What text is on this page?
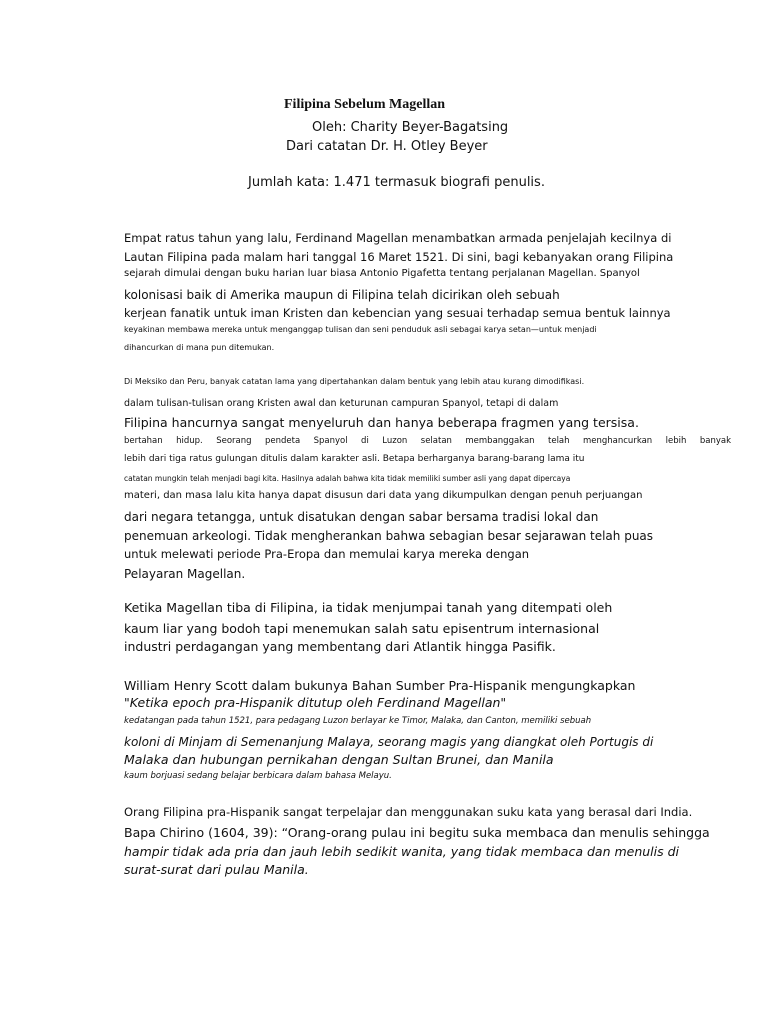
Filipina Sebelum Magellan
Oleh: Charity Beyer-Bagatsing
Dari catatan Dr. H. Otley Beyer
Jumlah kata: 1.471 termasuk biografi penulis.
Empat ratus tahun yang lalu, Ferdinand Magellan menambatkan armada penjelajah kecilnya di
Lautan Filipina pada malam hari tanggal 16 Maret 1521. Di sini, bagi kebanyakan orang Filipina
sejarah dimulai dengan buku harian luar biasa Antonio Pigafetta tentang perjalanan Magellan. Spanyol
kolonisasi baik di Amerika maupun di Filipina telah dicirikan oleh sebuah
kerjean fanatik untuk iman Kristen dan kebencian yang sesuai terhadap semua bentuk lainnya
keyakinan membawa mereka untuk menganggap tulisan dan seni penduduk asli sebagai karya setan—untuk menjadi
dihancurkan di mana pun ditemukan.
Di Meksiko dan Peru, banyak catatan lama yang dipertahankan dalam bentuk yang lebih atau kurang dimodifikasi.
dalam tulisan-tulisan orang Kristen awal dan keturunan campuran Spanyol, tetapi di dalam
Filipina hancurnya sangat menyeluruh dan hanya beberapa fragmen yang tersisa.
bertahan hidup. Seorang pendeta Spanyol di Luzon selatan membanggakan telah menghancurkan lebih banyak
lebih dari tiga ratus gulungan ditulis dalam karakter asli. Betapa berharganya barang-barang lama itu
catatan mungkin telah menjadi bagi kita. Hasilnya adalah bahwa kita tidak memiliki sumber asli yang dapat dipercaya
materi, dan masa lalu kita hanya dapat disusun dari data yang dikumpulkan dengan penuh perjuangan
dari negara tetangga, untuk disatukan dengan sabar bersama tradisi lokal dan
penemuan arkeologi. Tidak mengherankan bahwa sebagian besar sejarawan telah puas
untuk melewati periode Pra-Eropa dan memulai karya mereka dengan
Pelayaran Magellan.
Ketika Magellan tiba di Filipina, ia tidak menjumpai tanah yang ditempati oleh
kaum liar yang bodoh tapi menemukan salah satu episentrum internasional
industri perdagangan yang membentang dari Atlantik hingga Pasifik.
William Henry Scott dalam bukunya Bahan Sumber Pra-Hispanik mengungkapkan
"Ketika epoch pra-Hispanik ditutup oleh Ferdinand Magellan"
kedatangan pada tahun 1521, para pedagang Luzon berlayar ke Timor, Malaka, dan Canton, memiliki sebuah
koloni di Minjam di Semenanjung Malaya, seorang magis yang diangkat oleh Portugis di
Malaka dan hubungan pernikahan dengan Sultan Brunei, dan Manila
kaum borjuasi sedang belajar berbicara dalam bahasa Melayu.
Orang Filipina pra-Hispanik sangat terpelajar dan menggunakan suku kata yang berasal dari India.
Bapa Chirino (1604, 39): “Orang-orang pulau ini begitu suka membaca dan menulis sehingga
hampir tidak ada pria dan jauh lebih sedikit wanita, yang tidak membaca dan menulis di
surat-surat dari pulau Manila.
